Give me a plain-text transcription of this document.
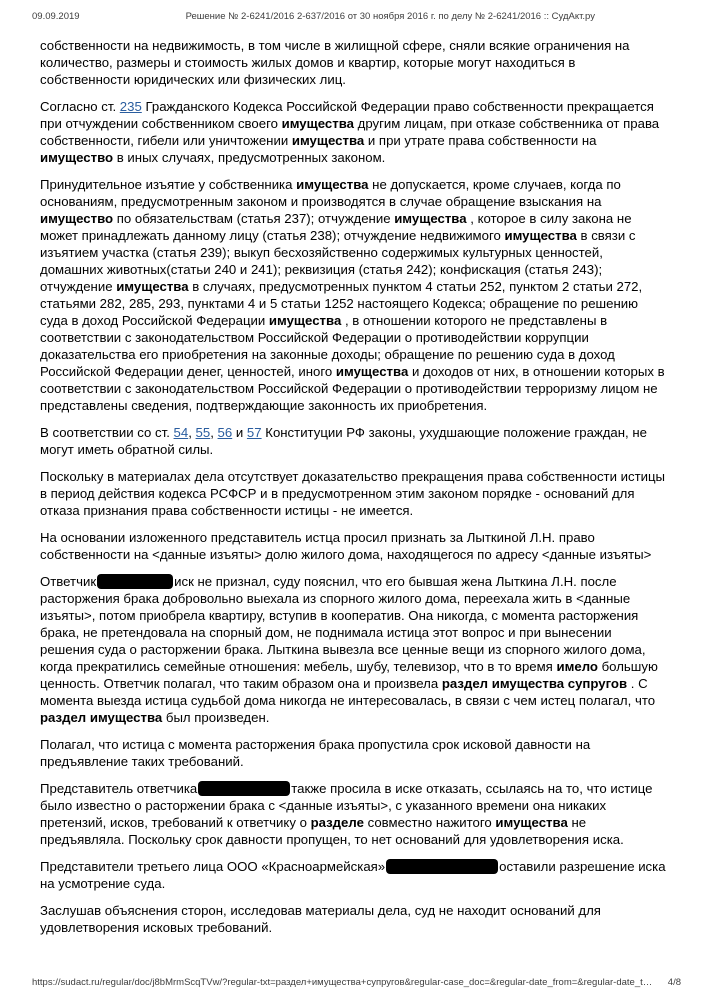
09.09.2019	Решение № 2-6241/2016 2-637/2016 от 30 ноября 2016 г. по делу № 2-6241/2016 :: СудАкт.ру

собственности на недвижимость, в том числе в жилищной сфере, сняли всякие ограничения на количество, размеры и стоимость жилых домов и квартир, которые могут находиться в собственности юридических или физических лиц.

Согласно ст. 235 Гражданского Кодекса Российской Федерации право собственности прекращается при отчуждении собственником своего имущества другим лицам, при отказе собственника от права собственности, гибели или уничтожении имущества и при утрате права собственности на имущество в иных случаях, предусмотренных законом.

Принудительное изъятие у собственника имущества не допускается, кроме случаев, когда по основаниям, предусмотренным законом и производятся в случае обращение взыскания на имущество по обязательствам (статья 237); отчуждение имущества , которое в силу закона не может принадлежать данному лицу (статья 238); отчуждение недвижимого имущества в связи с изъятием участка (статья 239); выкуп бесхозяйственно содержимых культурных ценностей, домашних животных(статьи 240 и 241); реквизиция (статья 242); конфискация (статья 243); отчуждение имущества в случаях, предусмотренных пунктом 4 статьи 252, пунктом 2 статьи 272, статьями 282, 285, 293, пунктами 4 и 5 статьи 1252 настоящего Кодекса; обращение по решению суда в доход Российской Федерации имущества , в отношении которого не представлены в соответствии с законодательством Российской Федерации о противодействии коррупции доказательства его приобретения на законные доходы; обращение по решению суда в доход Российской Федерации денег, ценностей, иного имущества и доходов от них, в отношении которых в соответствии с законодательством Российской Федерации о противодействии терроризму лицом не представлены сведения, подтверждающие законность их приобретения.

В соответствии со ст. 54, 55, 56 и 57 Конституции РФ законы, ухудшающие положение граждан, не могут иметь обратной силы.

Поскольку в материалах дела отсутствует доказательство прекращения права собственности истицы в период действия кодекса РСФСР и в предусмотренном этим законом порядке - оснований для отказа признания права собственности истицы - не имеется.

На основании изложенного представитель истца просил признать за Лыткиной Л.Н. право собственности на <данные изъяты> долю жилого дома, находящегося по адресу <данные изъяты>

Ответчик	иск не признал, суду пояснил, что его бывшая жена Лыткина Л.Н. после расторжения брака добровольно выехала из спорного жилого дома, переехала жить в <данные изъяты>, потом приобрела квартиру, вступив в кооператив. Она никогда, с момента расторжения брака, не претендовала на спорный дом, не поднимала истица этот вопрос и при вынесении решения суда о расторжении брака. Лыткина вывезла все ценные вещи из спорного жилого дома, когда прекратились семейные отношения: мебель, шубу, телевизор, что в то время имело большую ценность. Ответчик полагал, что таким образом она и произвела раздел имущества супругов . С момента выезда истица судьбой дома никогда не интересовалась, в связи с чем истец полагал, что раздел имущества был произведен.

Полагал, что истица с момента расторжения брака пропустила срок исковой давности на предъявление таких требований.

Представитель ответчика	также просила в иске отказать, ссылаясь на то, что истице было известно о расторжении брака с <данные изъяты>, с указанного времени она никаких претензий, исков, требований к ответчику о разделе совместно нажитого имущества не предъявляла. Поскольку срок давности пропущен, то нет оснований для удовлетворения иска.

Представители третьего лица ООО «Красноармейская»	оставили разрешение иска на усмотрение суда.

Заслушав объяснения сторон, исследовав материалы дела, суд не находит оснований для удовлетворения исковых требований.

https://sudact.ru/regular/doc/j8bMrmScqTVw/?regular-txt=раздел+имущества+супругов&regular-case_doc=&regular-date_from=&regular-date_t… 4/8
